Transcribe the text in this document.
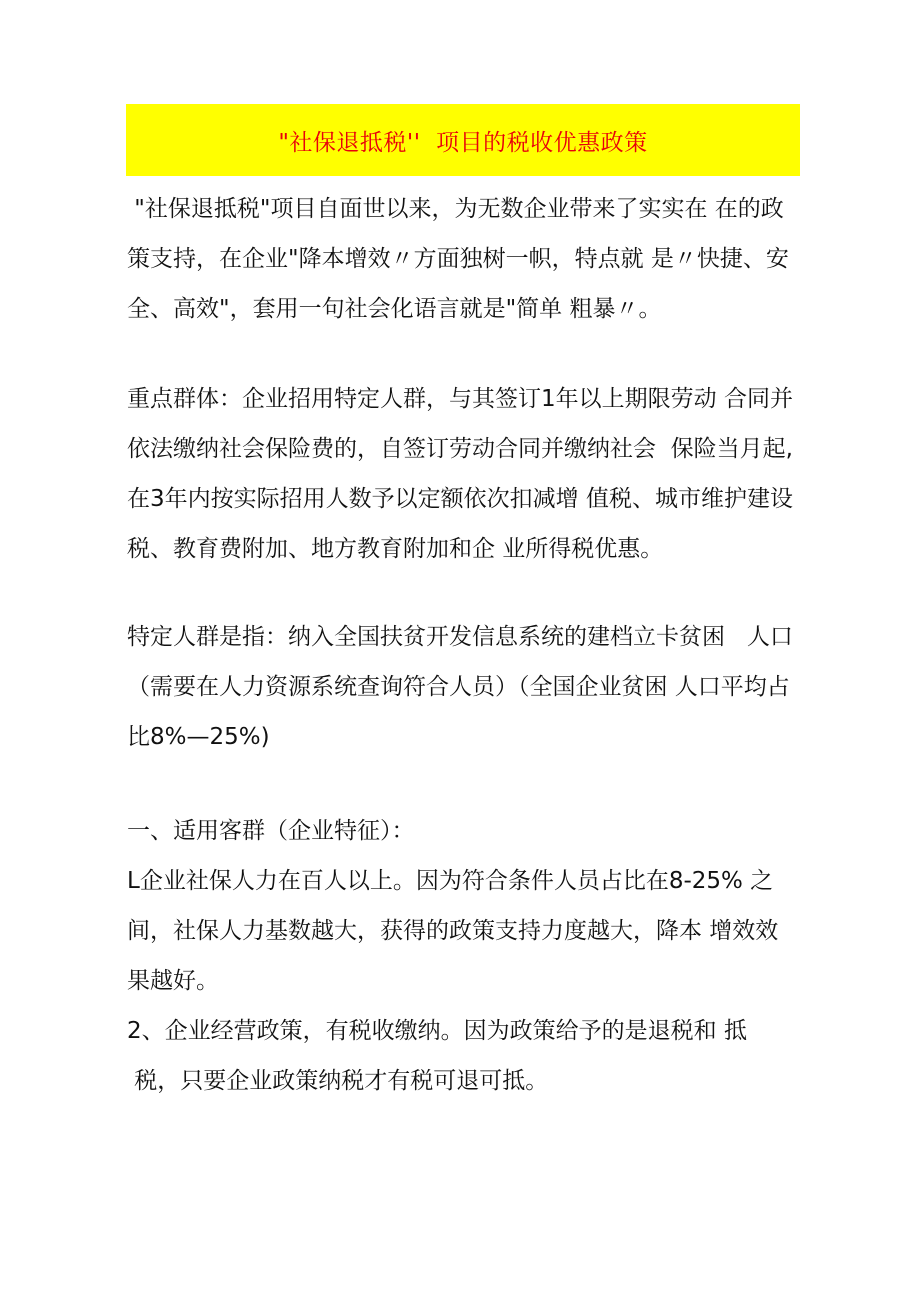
"社保退抵税''  项目的税收优惠政策
"社保退抵税"项目自面世以来，为无数企业带来了实实在 在的政
策支持，在企业"降本增效〃方面独树一帜，特点就 是〃快捷、安
全、高效"，套用一句社会化语言就是"简单 粗暴〃。
重点群体：企业招用特定人群，与其签订1年以上期限劳动 合同并
依法缴纳社会保险费的，自签订劳动合同并缴纳社会  保险当月起,
在3年内按实际招用人数予以定额依次扣减增 值税、城市维护建设
税、教育费附加、地方教育附加和企 业所得税优惠。
特定人群是指：纳入全国扶贫开发信息系统的建档立卡贫困   人口
（需要在人力资源系统查询符合人员）（全国企业贫困 人口平均占
比8%—25%)
一、适用客群（企业特征）：
L企业社保人力在百人以上。因为符合条件人员占比在8-25% 之
间，社保人力基数越大，获得的政策支持力度越大，降本 增效效
果越好。
2、企业经营政策，有税收缴纳。因为政策给予的是退税和 抵
税，只要企业政策纳税才有税可退可抵。
